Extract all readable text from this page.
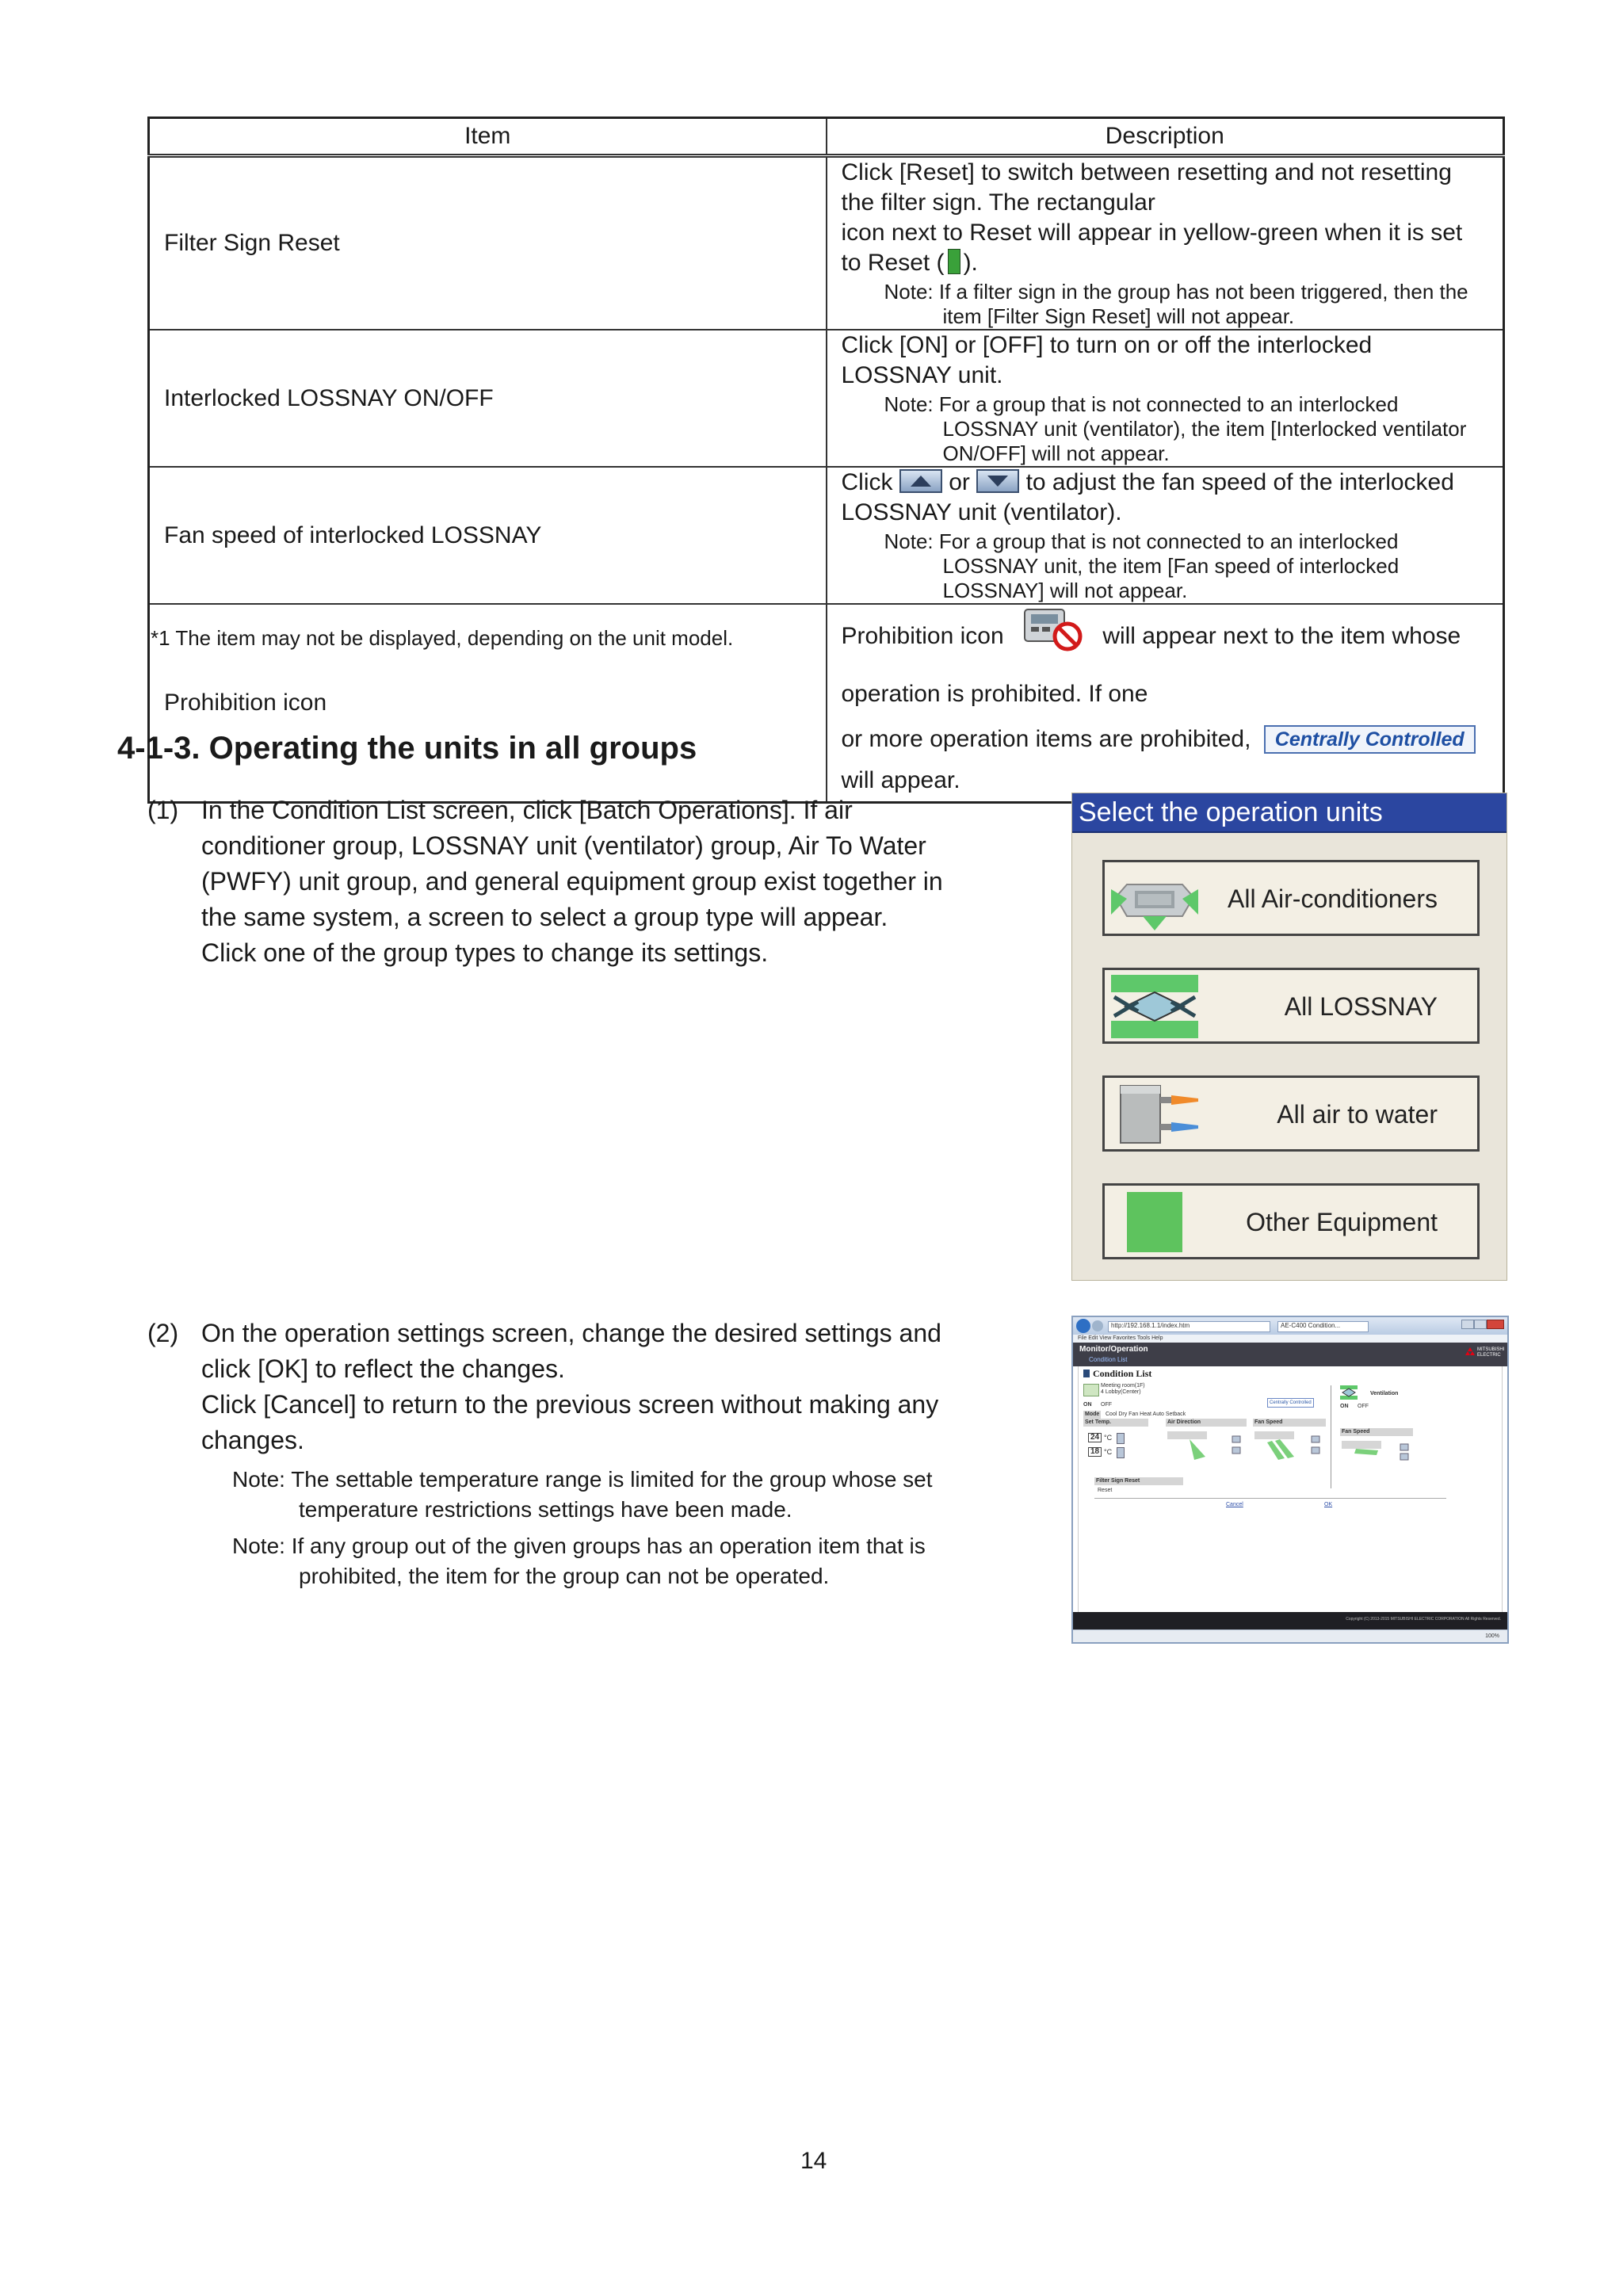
Item	Description
Filter Sign Reset	Click [Reset] to switch between resetting and not resetting the filter sign. The rectangular

icon next to Reset will appear in yellow-green when it is set to Reset ( ).

Note: If a filter sign in the group has not been triggered, then the item [Filter Sign Reset] will not appear.

Interlocked LOSSNAY ON/OFF	Click [ON] or [OFF] to turn on or off the interlocked LOSSNAY unit.

Note: For a group that is not connected to an interlocked LOSSNAY unit (ventilator), the item [Interlocked ventilator ON/OFF] will not appear.

Fan speed of interlocked LOSSNAY	Click or to adjust the fan speed of the interlocked LOSSNAY unit (ventilator).

Note: For a group that is not connected to an interlocked LOSSNAY unit, the item [Fan speed of interlocked LOSSNAY] will not appear.

Prohibition icon	Prohibition icon will appear next to the item whose operation is prohibited. If one

or more operation items are prohibited, Centrally Controlled will appear.

*1 The item may not be displayed, depending on the unit model.
4-1-3. Operating the units in all groups
(1) In the Condition List screen, click [Batch Operations]. If air
conditioner group, LOSSNAY unit (ventilator) group, Air To Water
(PWFY) unit group, and general equipment group exist together in
the same system, a screen to select a group type will appear.
Click one of the group types to change its settings.
(2) On the operation settings screen, change the desired settings and
click [OK] to reflect the changes.
Click [Cancel] to return to the previous screen without making any
changes.
Note: The settable temperature range is limited for the group whose set
temperature restrictions settings have been made.
Note: If any group out of the given groups has an operation item that is
prohibited, the item for the group can not be operated.
Select the operation units
All Air-conditioners
All LOSSNAY
All air to water
Other Equipment
http://192.168.1.1/index.htm	AE-C400 Condition...
File Edit View Favorites Tools Help
Monitor/Operation
Condition List
MITSUBISHI ELECTRIC
Condition List
Meeting room(1F)
4 Lobby(Center)
Centrally Controlled
ON OFF
Mode Cool Dry Fan Heat Auto Setback
Set Temp.	Air Direction	Fan Speed
24 °C
18 °C
Ventilation
ON OFF
Fan Speed
Filter Sign Reset
Reset
Cancel	OK
Copyright (C) 2013-2015 MITSUBISHI ELECTRIC CORPORATION All Rights Reserved.
100%
14
